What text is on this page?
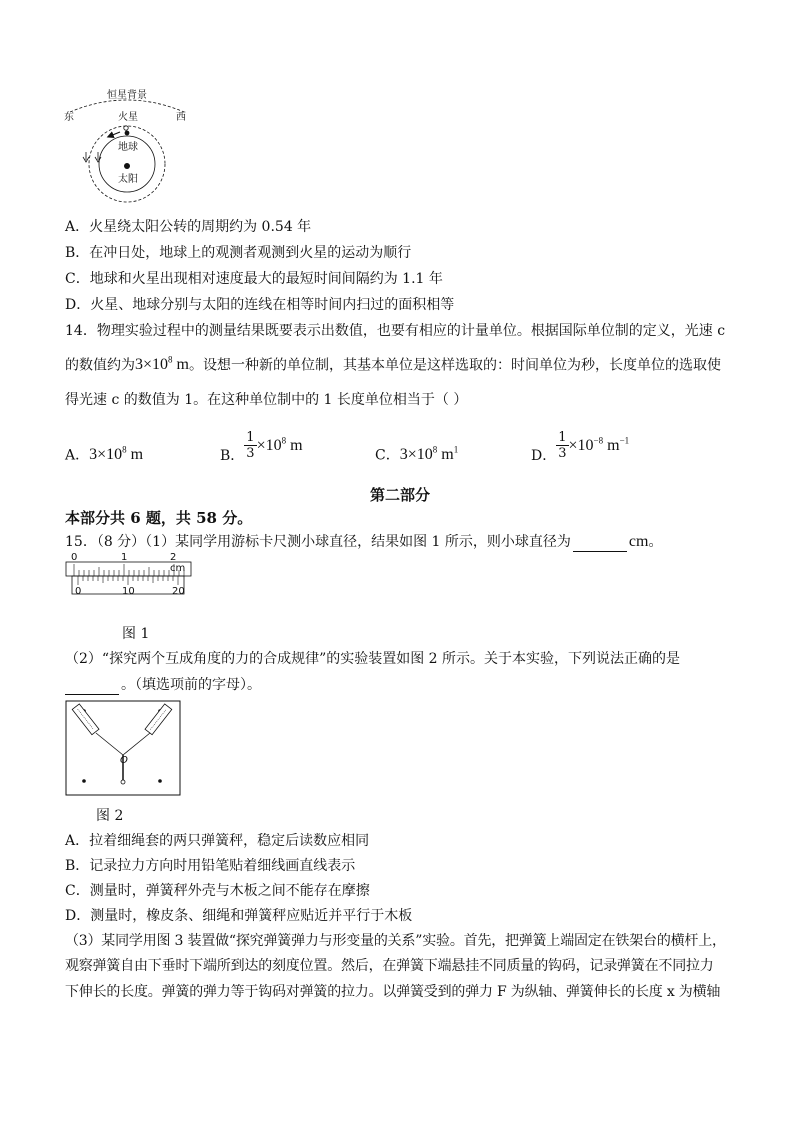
恒星背景
东	西
火星
地球
太阳
A．火星绕太阳公转的周期约为 0.54 年
B．在冲日处，地球上的观测者观测到火星的运动为顺行
C．地球和火星出现相对速度最大的最短时间间隔约为 1.1 年
D．火星、地球分别与太阳的连线在相等时间内扫过的面积相等
14．物理实验过程中的测量结果既要表示出数值，也要有相应的计量单位。根据国际单位制的定义，光速 c
的数值约为$3\times 10^8$ m。设想一种新的单位制，其基本单位是这样选取的：时间单位为秒，长度单位的选取使
得光速 c 的数值为 1。在这种单位制中的 1 长度单位相当于（ ）
A．$3\times 10^8$ m	B． $\frac{1}{3} \times 10^8$ m
C．$3\times 10^8$ $m^1$	D． $\frac{1}{3} \times 10^{-8}$ $m^{-1}$
第二部分
本部分共 6 题，共 58 分。
15．（8 分）（1）某同学用游标卡尺测小球直径，结果如图 1 所示，则小球直径为	cm。
0	1	2 cm
0	10	20
图 1
（2）“探究两个互成角度的力的合成规律”的实验装置如图 2 所示。关于本实验，下列说法正确的是
。（填选项前的字母）。
O
图 2
A．拉着细绳套的两只弹簧秤，稳定后读数应相同
B．记录拉力方向时用铅笔贴着细线画直线表示
C．测量时，弹簧秤外壳与木板之间不能存在摩擦
D．测量时，橡皮条、细绳和弹簧秤应贴近并平行于木板
（3）某同学用图 3 装置做“探究弹簧弹力与形变量的关系”实验。首先，把弹簧上端固定在铁架台的横杆上，
观察弹簧自由下垂时下端所到达的刻度位置。然后，在弹簧下端悬挂不同质量的钩码，记录弹簧在不同拉力
下伸长的长度。弹簧的弹力等于钩码对弹簧的拉力。以弹簧受到的弹力 F 为纵轴、弹簧伸长的长度 x 为横轴
